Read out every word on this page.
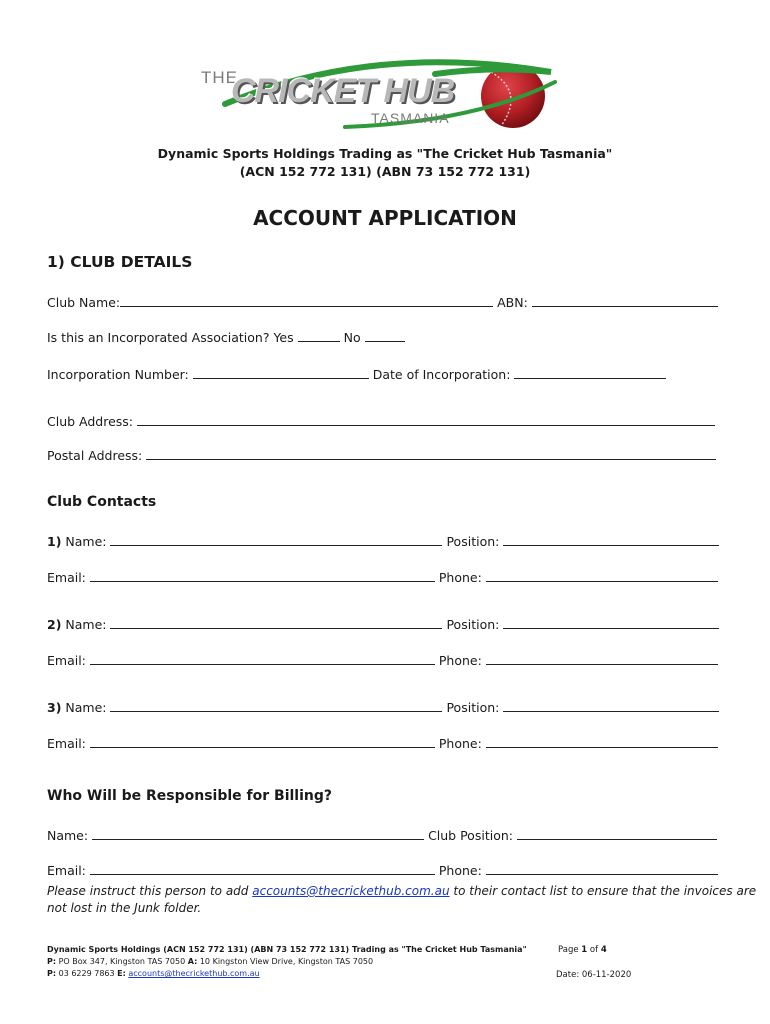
THE
CRICKET HUB
TASMANIA
Dynamic Sports Holdings Trading as "The Cricket Hub Tasmania"
(ACN 152 772 131) (ABN 73 152 772 131)
ACCOUNT APPLICATION
1) CLUB DETAILS
Club Name:	ABN:
Is this an Incorporated Association? Yes	No
Incorporation Number:	Date of Incorporation:
Club Address:
Postal Address:
Club Contacts
1) Name:	Position:
Email:	Phone:
2) Name:	Position:
Email:	Phone:
3) Name:	Position:
Email:	Phone:
Who Will be Responsible for Billing?
Name:	Club Position:
Email:	Phone:
Please instruct this person to add accounts@thecrickethub.com.au to their contact list to ensure that the invoices are
not lost in the Junk folder.
Dynamic Sports Holdings (ACN 152 772 131) (ABN 73 152 772 131) Trading as "The Cricket Hub Tasmania"
P: PO Box 347, Kingston TAS 7050 A: 10 Kingston View Drive, Kingston TAS 7050
P: 03 6229 7863 E: accounts@thecrickethub.com.au
Page 1 of 4
Date: 06-11-2020
